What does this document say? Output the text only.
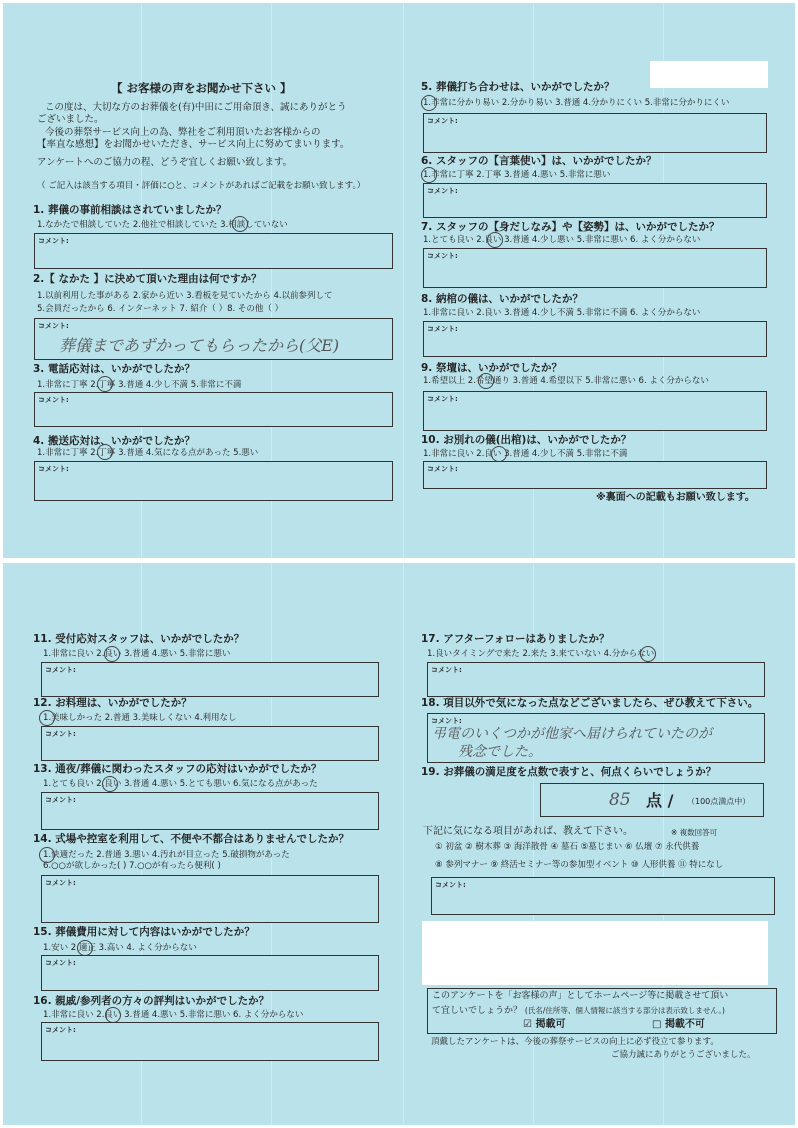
【 お客様の声をお聞かせ下さい 】
この度は、大切な方のお葬儀を(有)中田にご用命頂き、誠にありがとう
ございました。
今後の葬祭サービス向上の為、弊社をご利用頂いたお客様からの
【率直な感想】をお聞かせいただき、サービス向上に努めてまいります。
アンケートへのご協力の程、どうぞ宜しくお願い致します。
（ ご記入は該当する項目・評価に○と、コメントがあればご記載をお願い致します。）
1. 葬儀の事前相談はされていましたか？
1.なかたで相談していた 2.他社で相談していた 3.相談していない
コメント:
2.【 なかた 】に決めて頂いた理由は何ですか？
1.以前利用した事がある 2.家から近い 3.看板を見ていたから 4.以前参列して
5.会員だったから 6. インターネット 7. 紹介（ ）8. その他（ ）
コメント:
葬儀まであずかってもらったから(父E)
3. 電話応対は、いかがでしたか？
1.非常に丁寧 2.丁寧 3.普通 4.少し不満 5.非常に不満
コメント:
4. 搬送応対は、いかがでしたか？
1.非常に丁寧 2.丁寧 3.普通 4.気になる点があった 5.悪い
コメント:
5. 葬儀打ち合わせは、いかがでしたか？
1.非常に分かり易い 2.分かり易い 3.普通 4.分かりにくい 5.非常に分かりにくい
コメント:
6. スタッフの【言葉使い】は、いかがでしたか？
1.非常に丁寧 2.丁寧 3.普通 4.悪い 5.非常に悪い
コメント:
7. スタッフの【身だしなみ】や【姿勢】は、いかがでしたか？
1.とても良い 2.良い 3.普通 4.少し悪い 5.非常に悪い 6. よく分からない
コメント:
8. 納棺の儀は、いかがでしたか？
1.非常に良い 2.良い 3.普通 4.少し不満 5.非常に不満 6. よく分からない
コメント:
9. 祭壇は、いかがでしたか？
1.希望以上 2.希望通り 3.普通 4.希望以下 5.非常に悪い 6. よく分からない
コメント:
10. お別れの儀(出棺)は、いかがでしたか？
1.非常に良い 2.良い 3.普通 4.少し不満 5.非常に不満
コメント:
※裏面への記載もお願い致します。
11. 受付応対スタッフは、いかがでしたか？
1.非常に良い 2.良い 3.普通 4.悪い 5.非常に悪い
コメント:
12. お料理は、いかがでしたか？
1.美味しかった 2.普通 3.美味しくない 4.利用なし
コメント:
13. 通夜/葬儀に関わったスタッフの応対はいかがでしたか？
1.とても良い 2.良い 3.普通 4.悪い 5.とても悪い 6.気になる点があった
コメント:
14. 式場や控室を利用して、不便や不都合はありませんでしたか？
1.快適だった 2.普通 3.悪い 4.汚れが目立った 5.破損物があった
6.○○が欲しかった( ) 7.○○が有ったら便利( )
コメント:
15. 葬儀費用に対して内容はいかがでしたか？
1.安い 2.適正 3.高い 4. よく分からない
コメント:
16. 親戚/参列者の方々の評判はいかがでしたか？
1.非常に良い 2.良い 3.普通 4.悪い 5.非常に悪い 6. よく分からない
コメント:
17. アフターフォローはありましたか？
1.良いタイミングで来た 2.来た 3.来ていない 4.分からない
コメント:
18. 項目以外で気になった点などございましたら、ぜひ教えて下さい。
コメント:
弔電のいくつかが他家へ届けられていたのが
残念でした。
19. お葬儀の満足度を点数で表すと、何点くらいでしょうか？
85 点 / （100点満点中）
下記に気になる項目があれば、教えて下さい。	※ 複数回答可
① 初盆 ② 樹木葬 ③ 海洋散骨 ④ 墓石 ⑤墓じまい ⑥ 仏壇 ⑦ 永代供養
⑧ 参列マナー ⑨ 終活セミナー等の参加型イベント ⑩ 人形供養 ⑪ 特になし
コメント:
このアンケートを「お客様の声」としてホームページ等に掲載させて頂い
て宜しいでしょうか？ (氏名/住所等、個人情報に該当する部分は表示致しません。)
☑ 掲載可	□ 掲載不可
頂戴したアンケートは、今後の葬祭サービスの向上に必ず役立て参ります。
ご協力誠にありがとうございました。
